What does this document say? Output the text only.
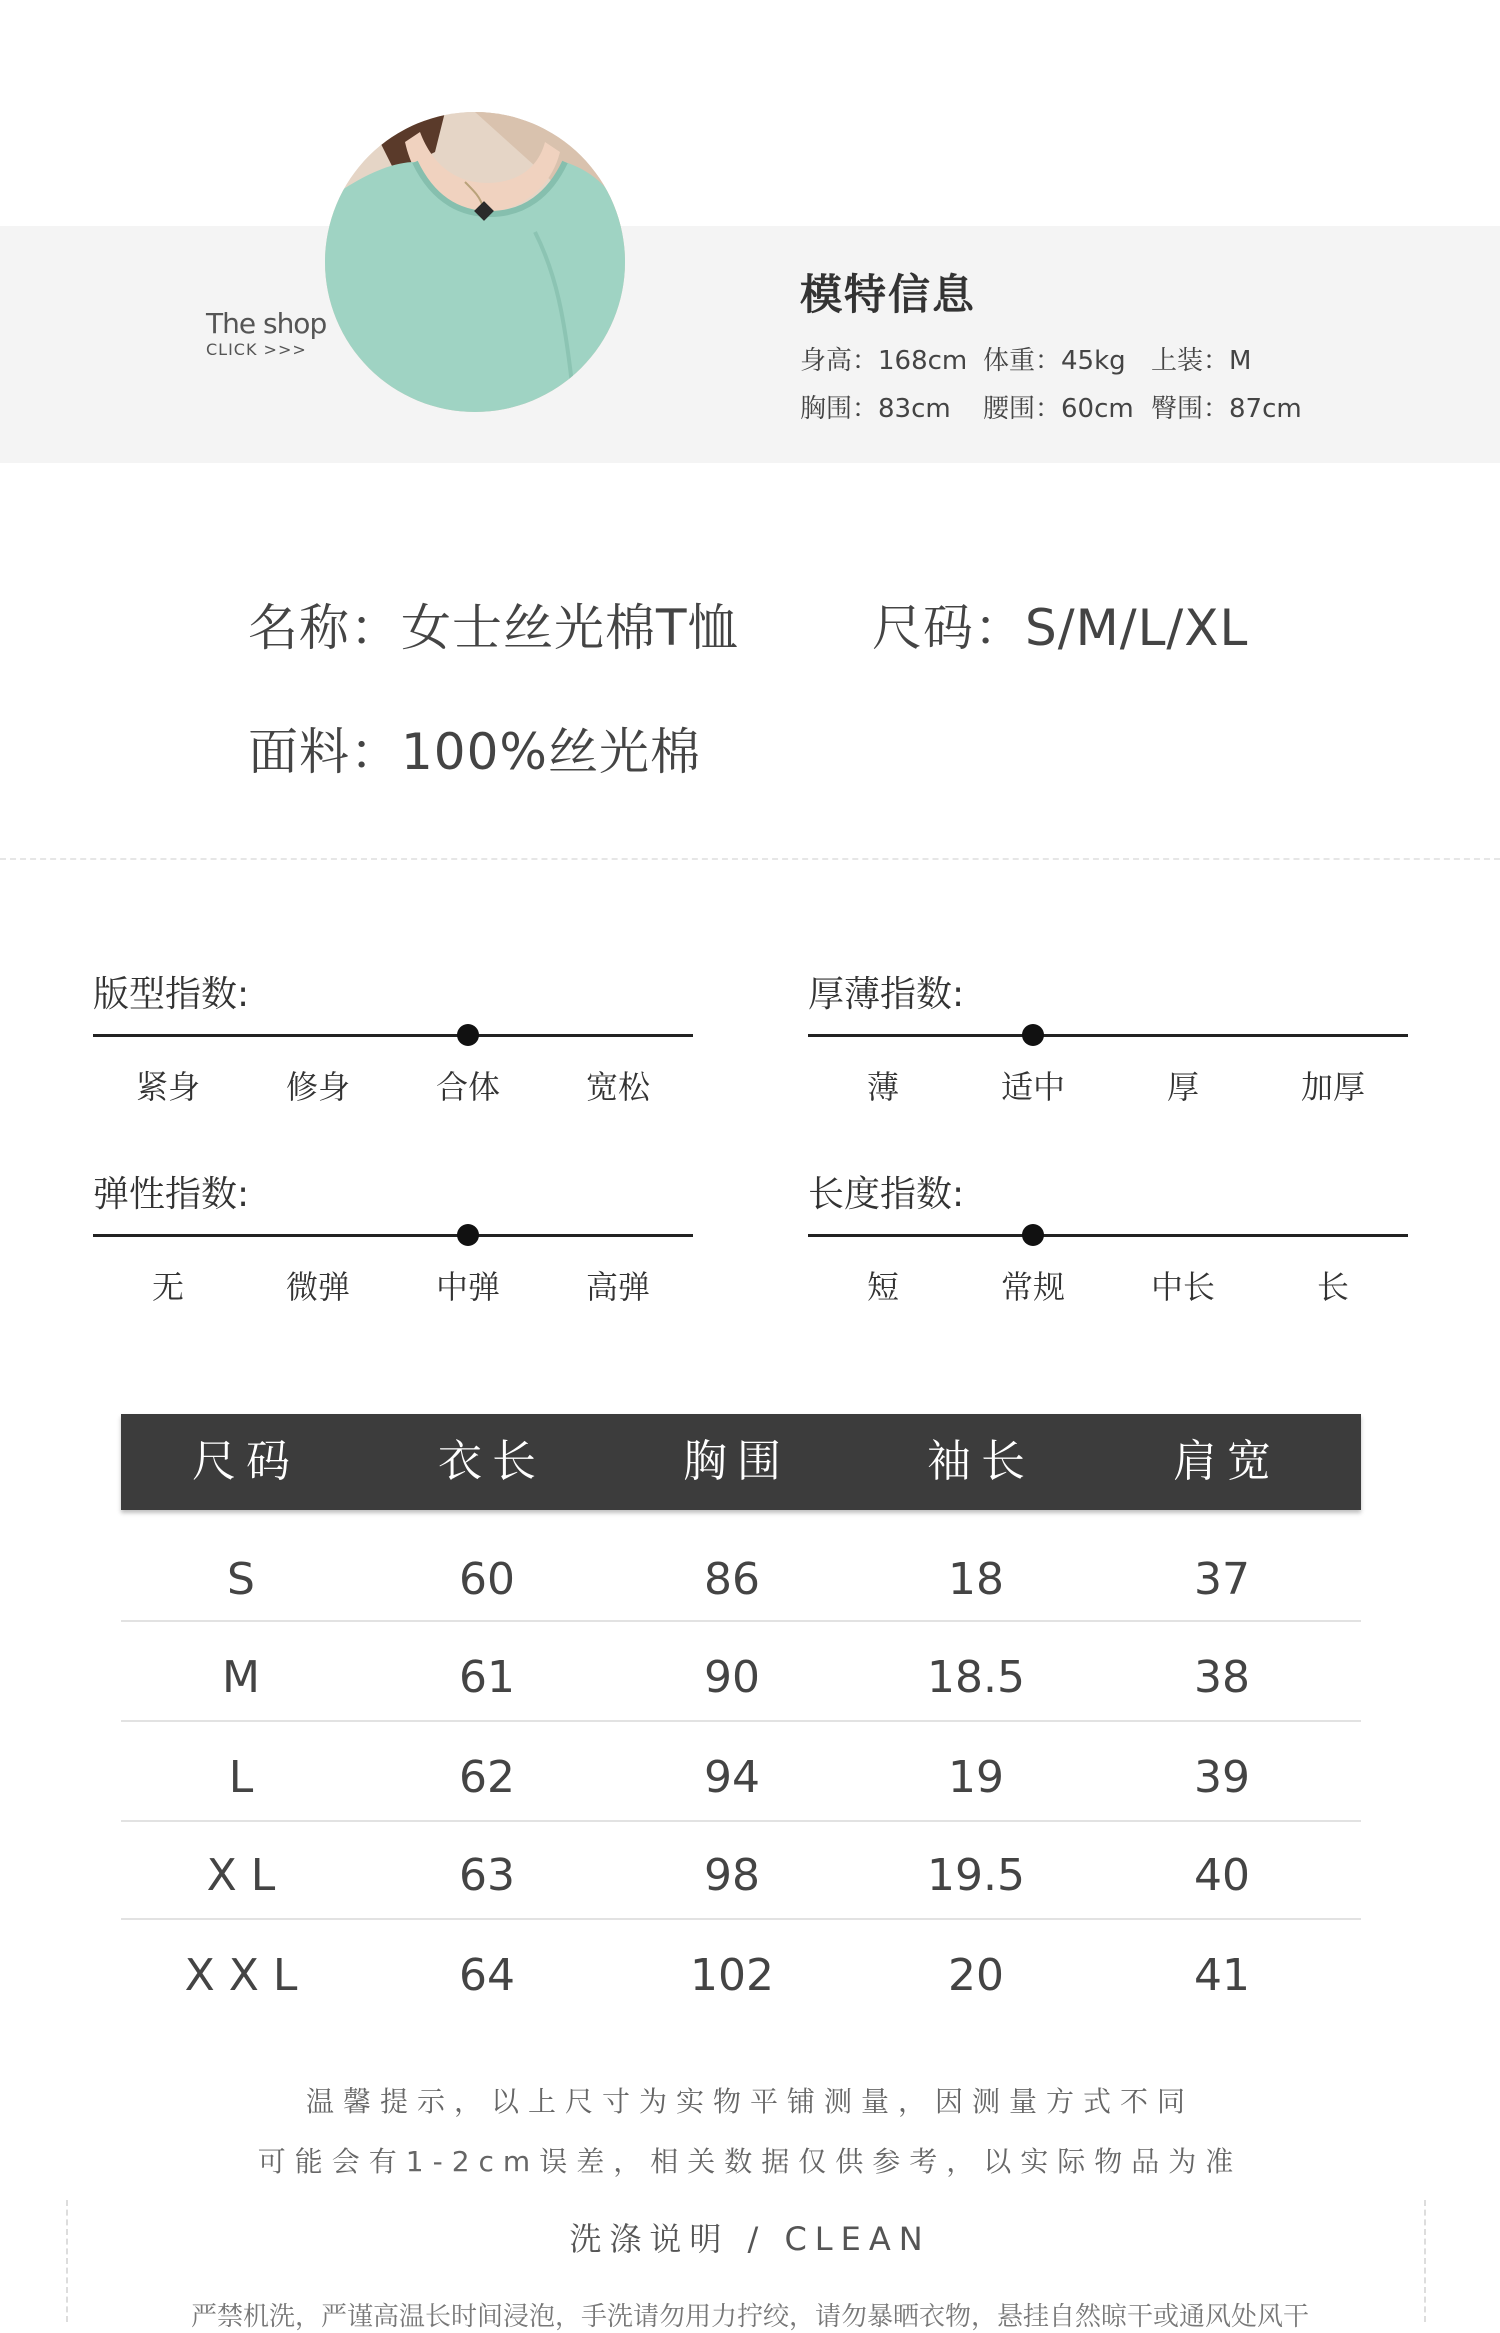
The shop
CLICK >>>
模特信息
身高：168cm 体重：45kg 上装：M
胸围：83cm 腰围：60cm 臀围：87cm
名称：女士丝光棉T恤	尺码：S/M/L/XL
面料：100%丝光棉
版型指数:
紧身	修身	合体	宽松
厚薄指数:
薄	适中	厚	加厚
弹性指数:
无	微弹	中弹	高弹
长度指数:
短	常规	中长	长
尺码	衣长	胸围	袖长	肩宽
S	60	86	18	37
M	61	90	18.5	38
L	62	94	19	39
X L	63	98	19.5	40
X X L	64	102	20	41
温馨提示，以上尺寸为实物平铺测量，因测量方式不同
可能会有1-2cm误差，相关数据仅供参考，以实际物品为准
洗涤说明 / CLEAN
严禁机洗，严谨高温长时间浸泡，手洗请勿用力拧绞，请勿暴晒衣物，悬挂自然晾干或通风处风干
